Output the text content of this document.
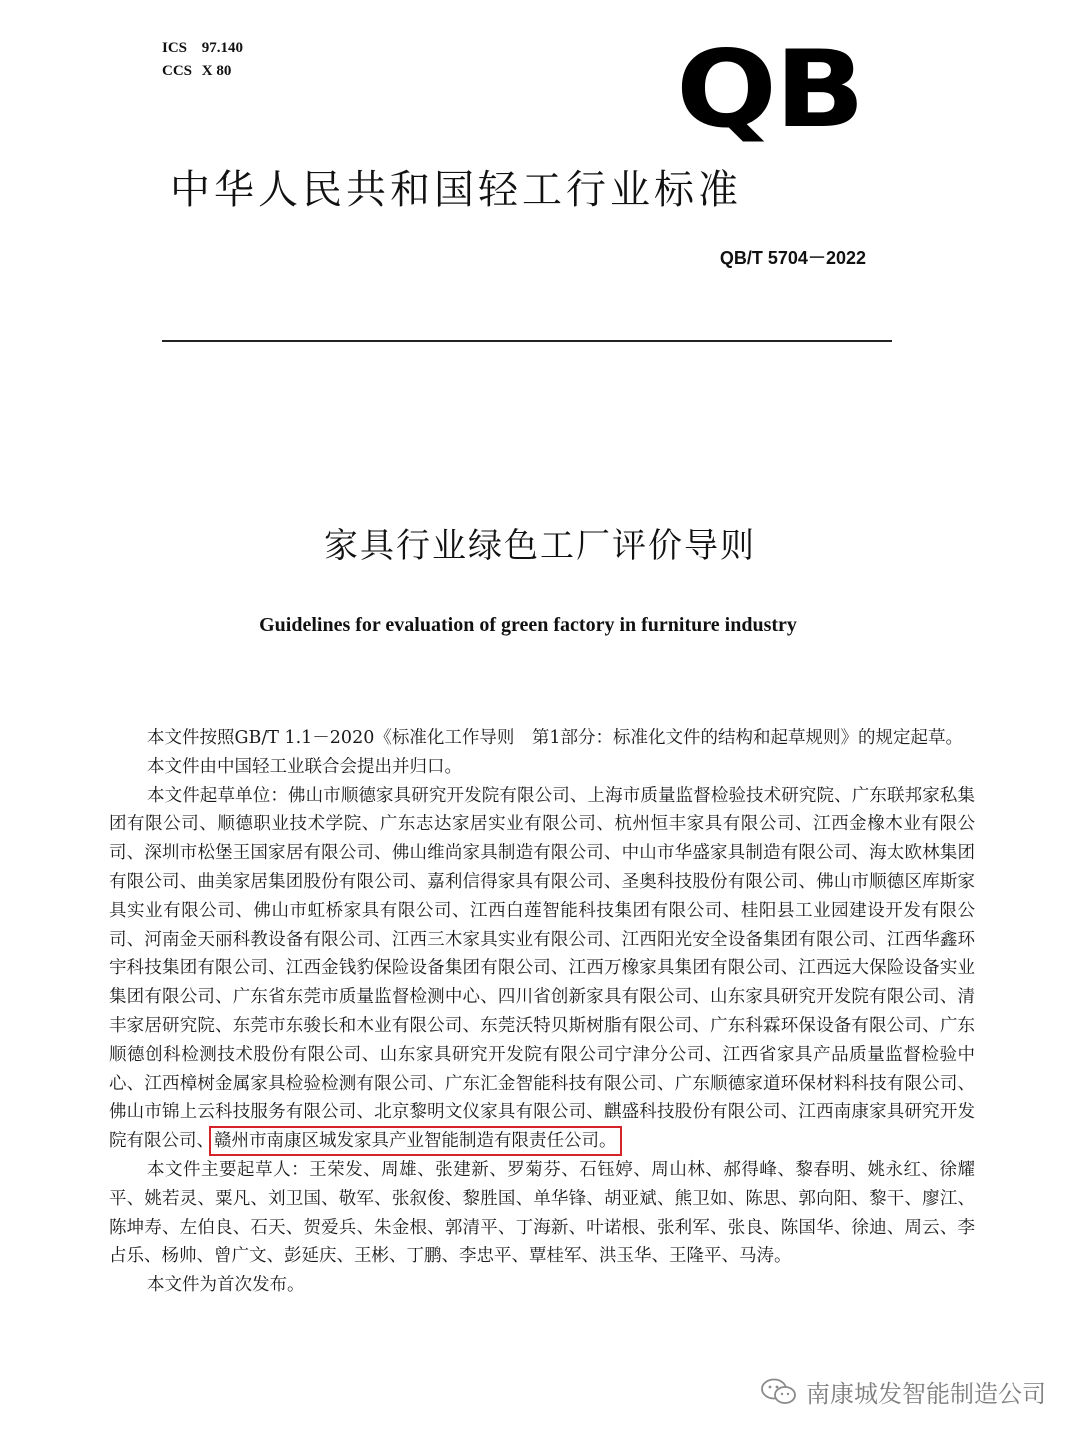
ICS 97.140
CCS X 80	QB
中华人民共和国轻工行业标准
QB/T 5704－2022
家具行业绿色工厂评价导则
Guidelines for evaluation of green factory in furniture industry

本文件按照GB/T 1.1－2020《标准化工作导则　第1部分：标准化文件的结构和起草规则》的规定起草。

本文件由中国轻工业联合会提出并归口。

本文件起草单位：佛山市顺德家具研究开发院有限公司、上海市质量监督检验技术研究院、广东联邦家私集团有限公司、顺德职业技术学院、广东志达家居实业有限公司、杭州恒丰家具有限公司、江西金橡木业有限公司、深圳市松堡王国家居有限公司、佛山维尚家具制造有限公司、中山市华盛家具制造有限公司、海太欧林集团有限公司、曲美家居集团股份有限公司、嘉利信得家具有限公司、圣奥科技股份有限公司、佛山市顺德区库斯家具实业有限公司、佛山市虹桥家具有限公司、江西白莲智能科技集团有限公司、桂阳县工业园建设开发有限公司、河南金天丽科教设备有限公司、江西三木家具实业有限公司、江西阳光安全设备集团有限公司、江西华鑫环宇科技集团有限公司、江西金钱豹保险设备集团有限公司、江西万橡家具集团有限公司、江西远大保险设备实业集团有限公司、广东省东莞市质量监督检测中心、四川省创新家具有限公司、山东家具研究开发院有限公司、清丰家居研究院、东莞市东骏长和木业有限公司、东莞沃特贝斯树脂有限公司、广东科霖环保设备有限公司、广东顺德创科检测技术股份有限公司、山东家具研究开发院有限公司宁津分公司、江西省家具产品质量监督检验中心、江西樟树金属家具检验检测有限公司、广东汇金智能科技有限公司、广东顺德家道环保材料科技有限公司、佛山市锦上云科技服务有限公司、北京黎明文仪家具有限公司、麒盛科技股份有限公司、江西南康家具研究开发院有限公司、赣州市南康区城发家具产业智能制造有限责任公司。

本文件主要起草人：王荣发、周雄、张建新、罗菊芬、石钰婷、周山林、郝得峰、黎春明、姚永红、徐耀平、姚若灵、粟凡、刘卫国、敬军、张叙俊、黎胜国、单华锋、胡亚斌、熊卫如、陈思、郭向阳、黎干、廖江、陈坤寿、左伯良、石天、贺爱兵、朱金根、郭清平、丁海新、叶诺根、张利军、张良、陈国华、徐迪、周云、李占乐、杨帅、曾广文、彭延庆、王彬、丁鹏、李忠平、覃桂军、洪玉华、王隆平、马涛。

本文件为首次发布。

南康城发智能制造公司
